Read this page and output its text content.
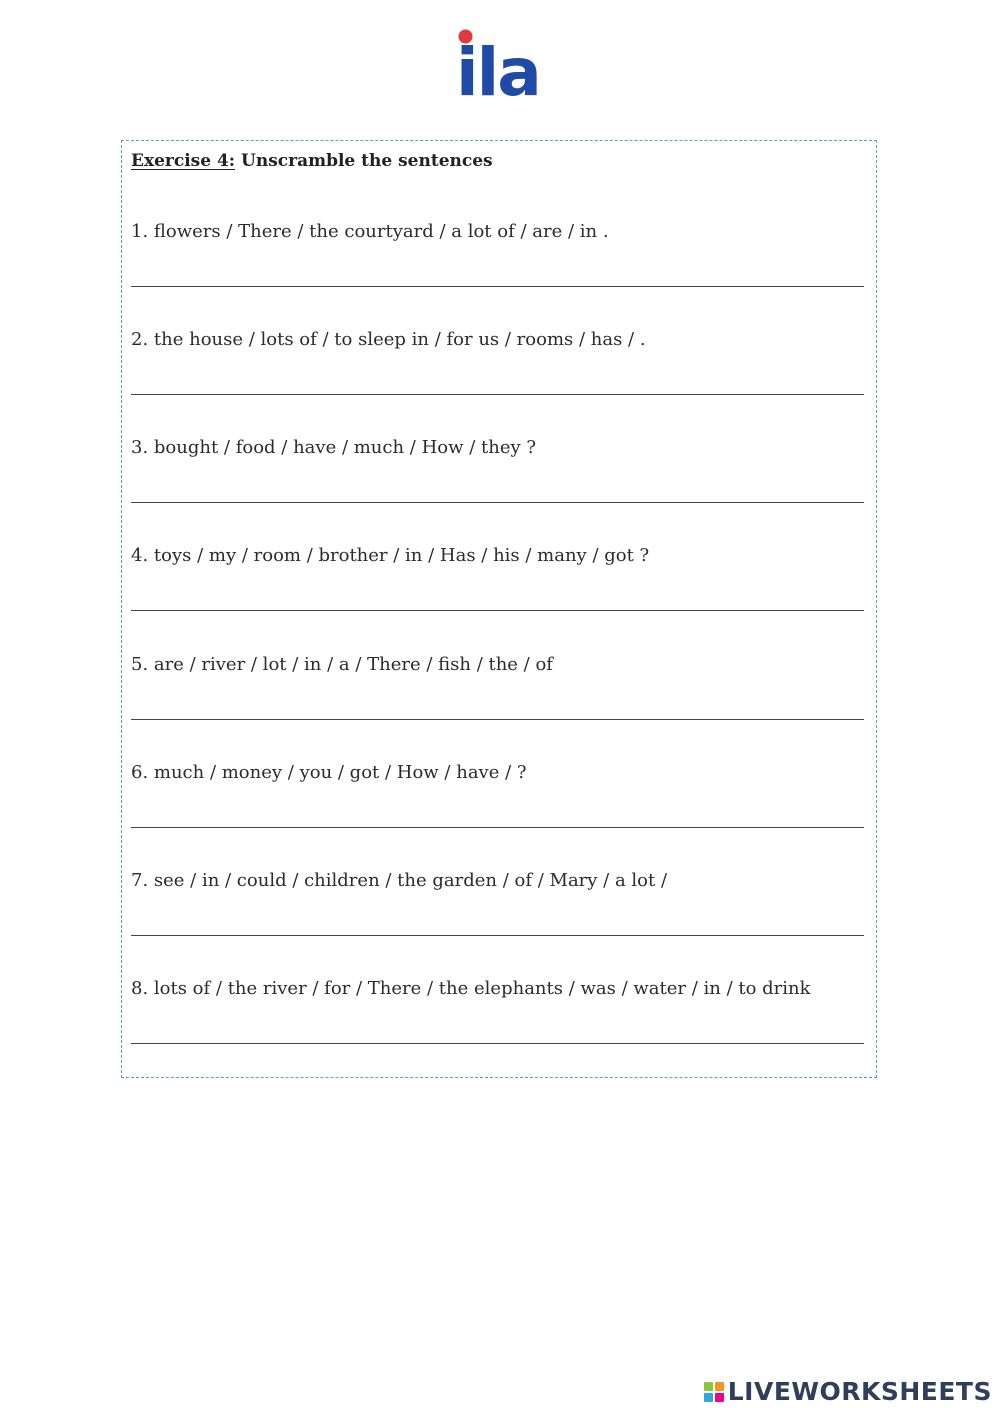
ila
Exercise 4: Unscramble the sentences
1. flowers / There / the courtyard / a lot of / are / in .
2. the house / lots of / to sleep in / for us / rooms / has / .
3. bought / food / have / much / How / they ?
4. toys / my / room / brother / in / Has / his / many / got ?
5. are / river / lot / in / a / There / fish / the / of
6. much / money / you / got / How / have / ?
7. see / in / could / children / the garden / of / Mary / a lot /
8. lots of / the river / for / There / the elephants / was / water / in / to drink
LIVEWORKSHEETS
